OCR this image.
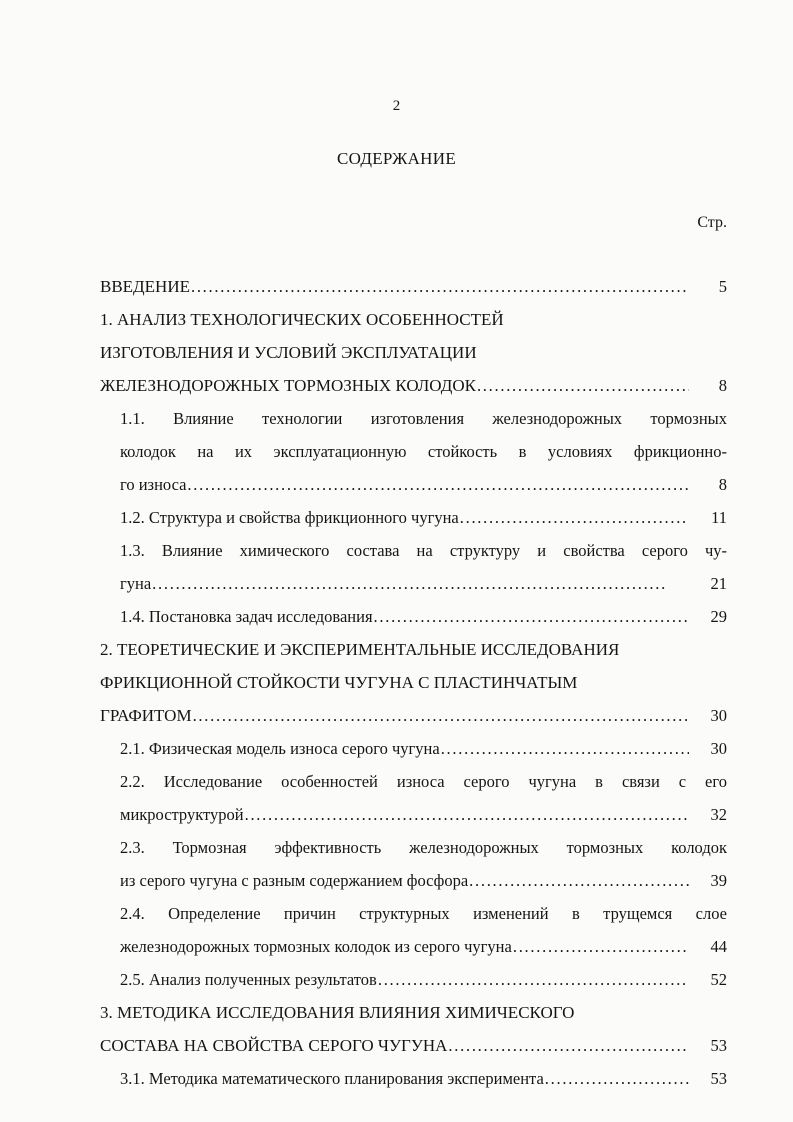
2
СОДЕРЖАНИЕ
Стр.
ВВЕДЕНИЕ . . .	5
1. АНАЛИЗ ТЕХНОЛОГИЧЕСКИХ ОСОБЕННОСТЕЙ
ИЗГОТОВЛЕНИЯ И УСЛОВИЙ ЭКСПЛУАТАЦИИ
ЖЕЛЕЗНОДОРОЖНЫХ ТОРМОЗНЫХ КОЛОДОК . . .	8
1.1. Влияние технологии изготовления железнодорожных тормозных
колодок на их эксплуатационную стойкость в условиях фрикционно-
го износа . . .	8
1.2. Структура и свойства фрикционного чугуна . . .	11
1.3. Влияние химического состава на структуру и свойства серого чу-
гуна . . .	21
1.4. Постановка задач исследования . . .	29
2. ТЕОРЕТИЧЕСКИЕ И ЭКСПЕРИМЕНТАЛЬНЫЕ ИССЛЕДОВАНИЯ
ФРИКЦИОННОЙ СТОЙКОСТИ ЧУГУНА С ПЛАСТИНЧАТЫМ
ГРАФИТОМ . . .	30
2.1. Физическая модель износа серого чугуна . . .	30
2.2. Исследование особенностей износа серого чугуна в связи с его
микроструктурой . . .	32
2.3. Тормозная эффективность железнодорожных тормозных колодок
из серого чугуна с разным содержанием фосфора . . .	39
2.4. Определение причин структурных изменений в трущемся слое
железнодорожных тормозных колодок из серого чугуна . . .	44
2.5. Анализ полученных результатов . . .	52
3. МЕТОДИКА ИССЛЕДОВАНИЯ ВЛИЯНИЯ ХИМИЧЕСКОГО
СОСТАВА НА СВОЙСТВА СЕРОГО ЧУГУНА . . .	53
3.1. Методика математического планирования эксперимента . . .	53
